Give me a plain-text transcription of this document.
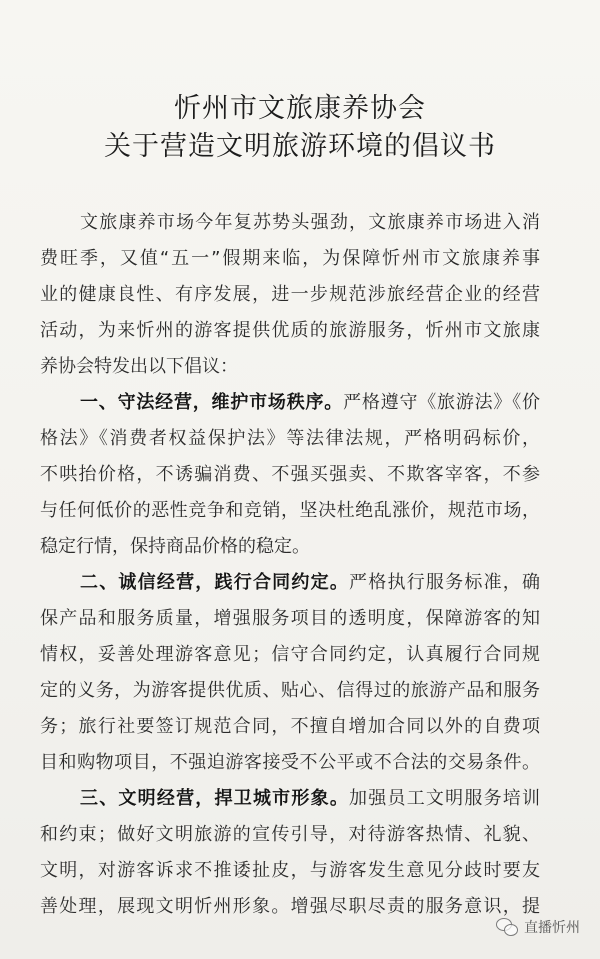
忻州市文旅康养协会
关于营造文明旅游环境的倡议书
文旅康养市场今年复苏势头强劲，文旅康养市场进入消
费旺季，又值“五一”假期来临，为保障忻州市文旅康养事
业的健康良性、有序发展，进一步规范涉旅经营企业的经营
活动，为来忻州的游客提供优质的旅游服务，忻州市文旅康
养协会特发出以下倡议：
一、守法经营，维护市场秩序。严格遵守《旅游法》《价
格法》《消费者权益保护法》等法律法规，严格明码标价，
不哄抬价格，不诱骗消费、不强买强卖、不欺客宰客，不参
与任何低价的恶性竞争和竞销，坚决杜绝乱涨价，规范市场，
稳定行情，保持商品价格的稳定。
二、诚信经营，践行合同约定。严格执行服务标准，确
保产品和服务质量，增强服务项目的透明度，保障游客的知
情权，妥善处理游客意见；信守合同约定，认真履行合同规
定的义务，为游客提供优质、贴心、信得过的旅游产品和服务
务；旅行社要签订规范合同，不擅自增加合同以外的自费项
目和购物项目，不强迫游客接受不公平或不合法的交易条件。
三、文明经营，捍卫城市形象。加强员工文明服务培训
和约束；做好文明旅游的宣传引导，对待游客热情、礼貌、
文明，对游客诉求不推诿扯皮，与游客发生意见分歧时要友
善处理，展现文明忻州形象。增强尽职尽责的服务意识，提
直播忻州
